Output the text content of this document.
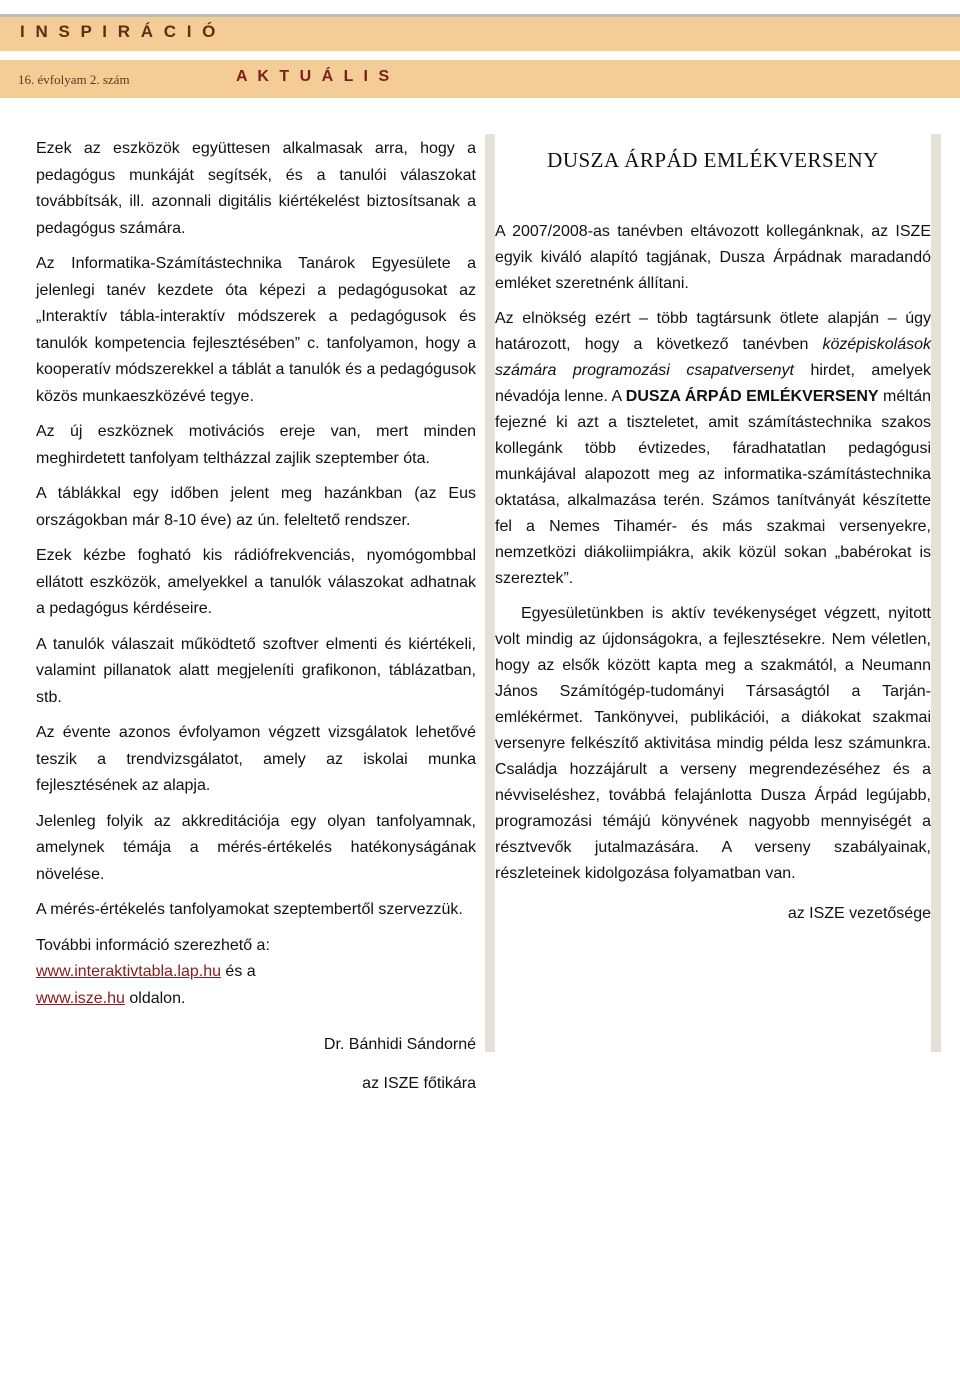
I N S P I R Á C I Ó
16. évfolyam 2. szám	A K T U Á L I S

Ezek az eszközök együttesen alkalmasak arra, hogy a pedagógus munkáját segítsék, és a tanulói válaszokat továbbítsák, ill. azonnali digitális kiértékelést biztosítsanak a pedagógus számára.

Az Informatika-Számítástechnika Tanárok Egyesülete a jelenlegi tanév kezdete óta képezi a pedagógusokat az „Interaktív tábla-interaktív módszerek a pedagógusok és tanulók kompetencia fejlesztésében” c. tanfolyamon, hogy a kooperatív módszerekkel a táblát a tanulók és a pedagógusok közös munkaeszközévé tegye.

Az új eszköznek motivációs ereje van, mert minden meghirdetett tanfolyam teltházzal zajlik szeptember óta.

A táblákkal egy időben jelent meg hazánkban (az Eus országokban már 8-10 éve) az ún. feleltető rendszer.

Ezek kézbe fogható kis rádiófrekvenciás, nyomógombbal ellátott eszközök, amelyekkel a tanulók válaszokat adhatnak a pedagógus kérdéseire.

A tanulók válaszait működtető szoftver elmenti és kiértékeli, valamint pillanatok alatt megjeleníti grafikonon, táblázatban, stb.

Az évente azonos évfolyamon végzett vizsgálatok lehetővé teszik a trendvizsgálatot, amely az iskolai munka fejlesztésének az alapja.

Jelenleg folyik az akkreditációja egy olyan tanfolyamnak, amelynek témája a mérés-értékelés hatékonyságának növelése.

A mérés-értékelés tanfolyamokat szeptembertől szervezzük.

További információ szerezhető a:
www.interaktivtabla.lap.hu és a
www.isze.hu oldalon.

Dr. Bánhidi Sándorné

az ISZE főtikára

DUSZA ÁRPÁD EMLÉKVERSENY

A 2007/2008-as tanévben eltávozott kollegánknak, az ISZE egyik kiváló alapító tagjának, Dusza Árpádnak maradandó emléket szeretnénk állítani.

Az elnökség ezért – több tagtársunk ötlete alapján – úgy határozott, hogy a következő tanévben középiskolások számára programozási csapatversenyt hirdet, amelyek névadója lenne. A DUSZA ÁRPÁD EMLÉKVERSENY méltán fejezné ki azt a tiszteletet, amit számítástechnika szakos kollegánk több évtizedes, fáradhatatlan pedagógusi munkájával alapozott meg az informatika-számítástechnika oktatása, alkalmazása terén. Számos tanítványát készítette fel a Nemes Tihamér- és más szakmai versenyekre, nemzetközi diákoliimpiákra, akik közül sokan „babérokat is szereztek”.

Egyesületünkben is aktív tevékenységet végzett, nyitott volt mindig az újdonságokra, a fejlesztésekre. Nem véletlen, hogy az elsők között kapta meg a szakmától, a Neumann János Számítógép-tudományi Társaságtól a Tarján-emlékérmet. Tankönyvei, publikációi, a diákokat szakmai versenyre felkészítő aktivitása mindig példa lesz számunkra. Családja hozzájárult a verseny megrendezéséhez és a névviseléshez, továbbá felajánlotta Dusza Árpád legújabb, programozási témájú könyvének nagyobb mennyiségét a résztvevők jutalmazására. A verseny szabályainak, részleteinek kidolgozása folyamatban van.

az ISZE vezetősége
